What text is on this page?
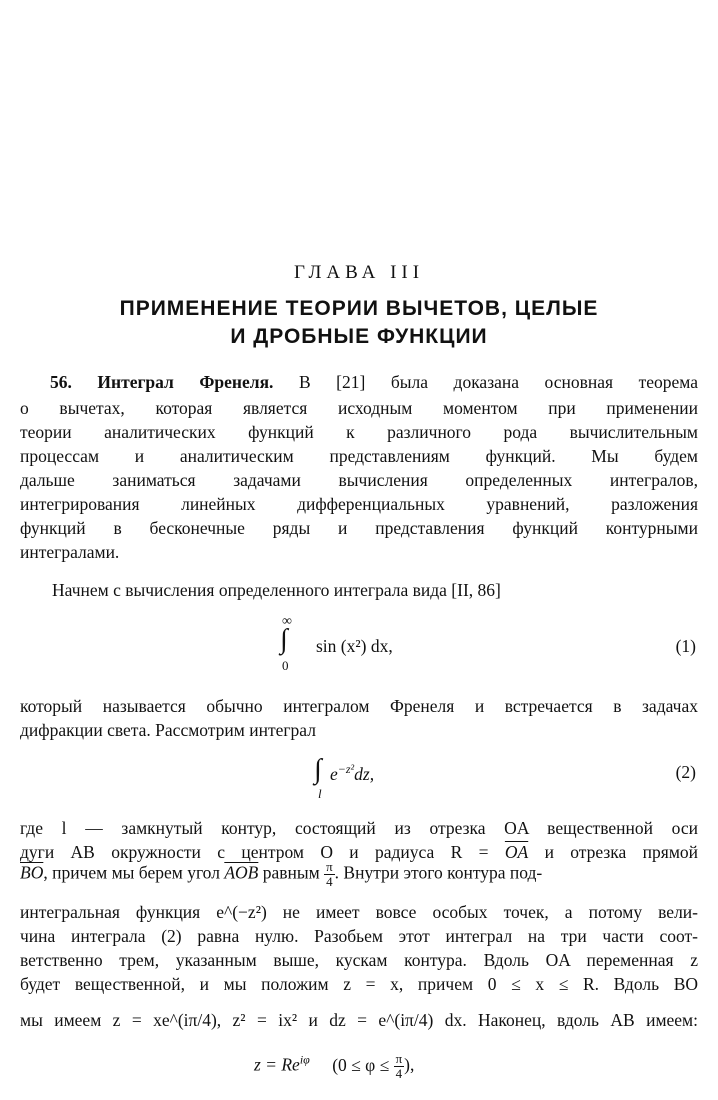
ГЛАВА III
ПРИМЕНЕНИЕ ТЕОРИИ ВЫЧЕТОВ, ЦЕЛЫЕ
И ДРОБНЫЕ ФУНКЦИИ
56. Интеграл Френеля. В [21] была доказана основная теорема
о вычетах, которая является исходным моментом при применении
теории аналитических функций к различного рода вычислительным
процессам и аналитическим представлениям функций. Мы будем
дальше заниматься задачами вычисления определенных интегралов,
интегрирования линейных дифференциальных уравнений, разложения
функций в бесконечные ряды и представления функций контурными
интегралами.
Начнем с вычисления определенного интеграла вида [II, 86]
∞
∫
0
sin (x²) dx,	(1)
который называется обычно интегралом Френеля и встречается в задачах
дифракции света. Рассмотрим интеграл
∫
l
$e^{-z^2}dz$,	(2)
где l — замкнутый контур, состоящий из отрезка OA вещественной оси
дуги AB окружности с центром O и радиуса $R = \overline{OA}$ и отрезка прямой
$\overline{BO}$, причем мы берем угол $\overline{AOB}$ равным $\frac{\pi}{4}$ . Внутри этого контура под-
интегральная функция e^(−z²) не имеет вовсе особых точек, а потому вели-
чина интеграла (2) равна нулю. Разобьем этот интеграл на три части соот-
ветственно трем, указанным выше, кускам контура. Вдоль OA переменная z
будет вещественной, и мы положим z = x, причем 0 ≤ x ≤ R. Вдоль BO
мы имеем z = xe^(iπ/4), z² = ix² и dz = e^(iπ/4) dx. Наконец, вдоль AB имеем:
$z = Re^{i\varphi}$ ($0 \le \varphi \le \frac{\pi}{4}$ ),
